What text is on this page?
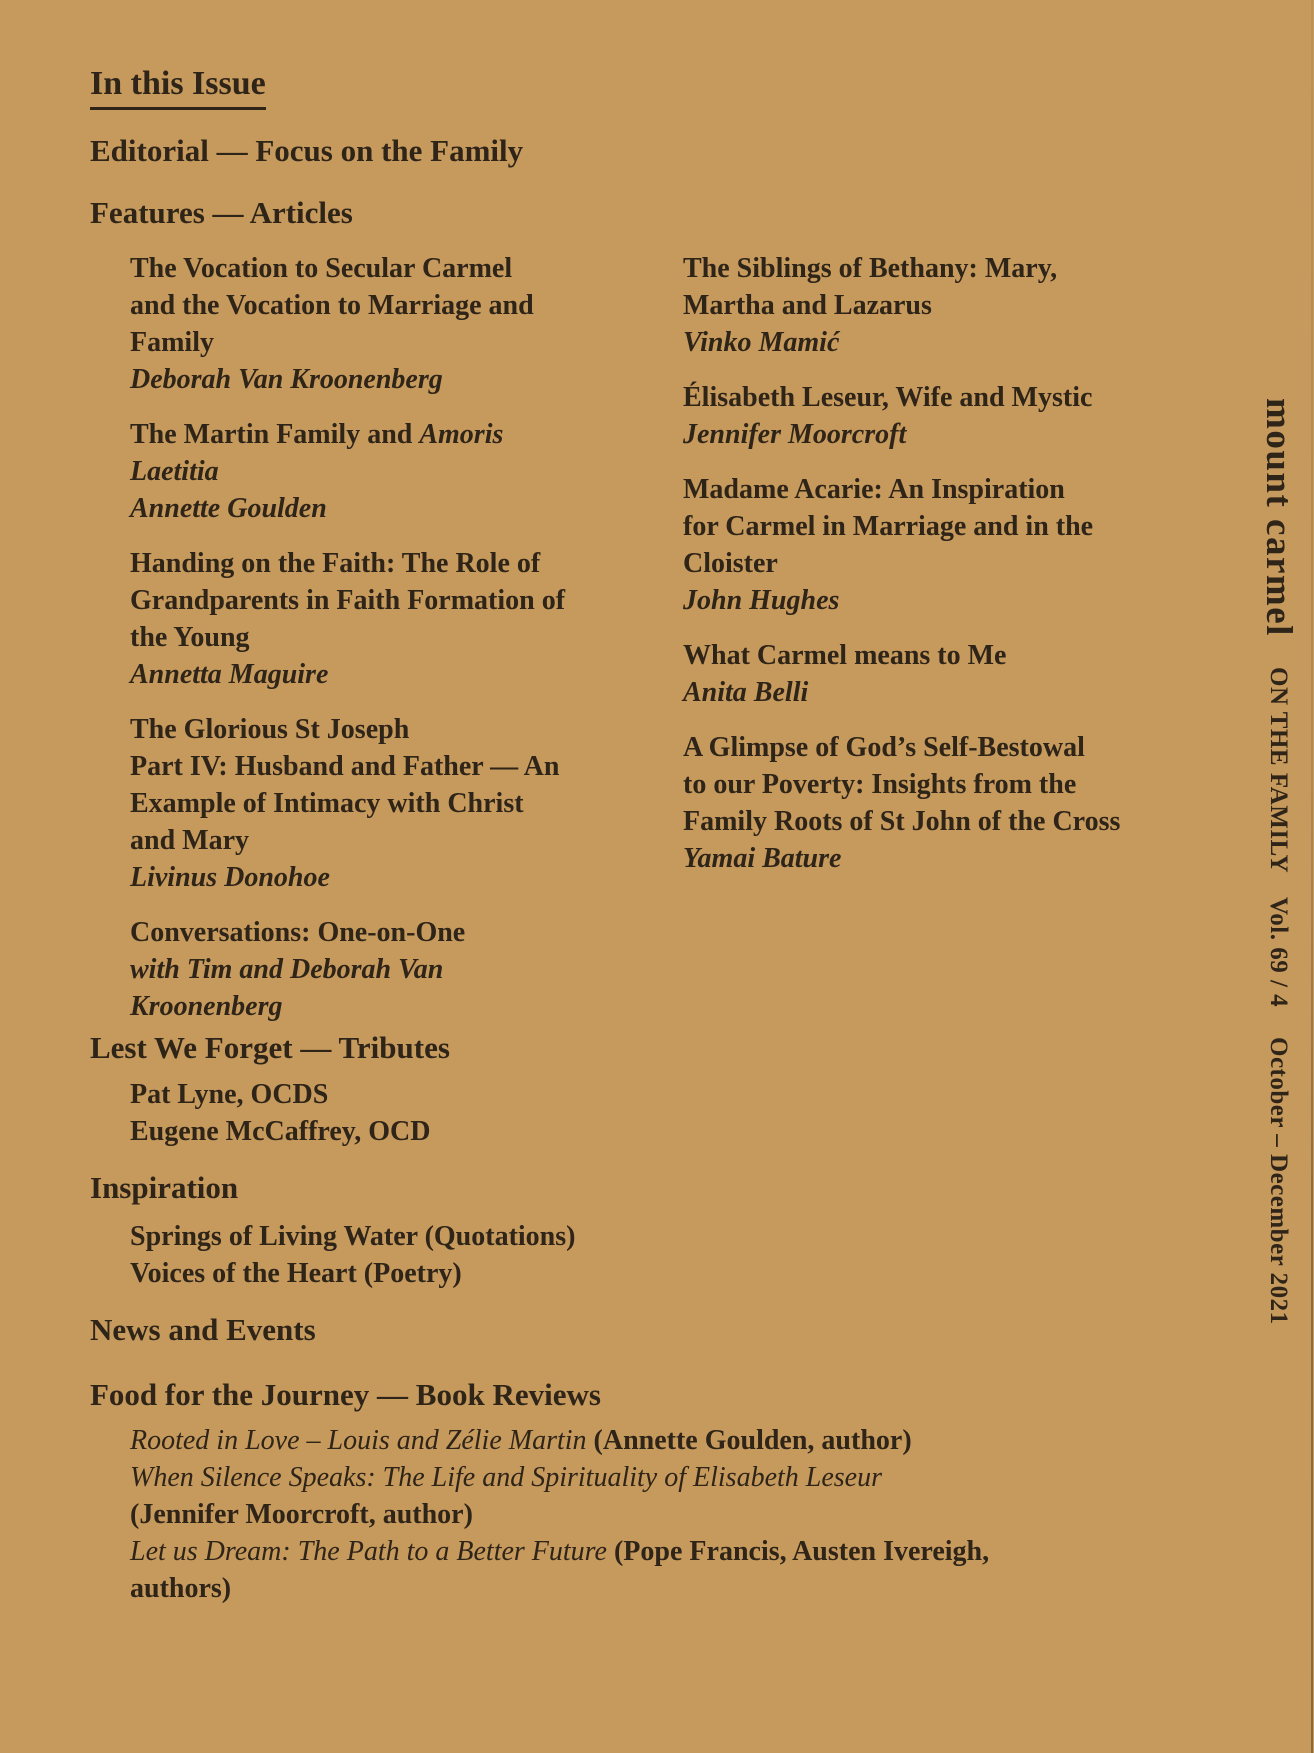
In this Issue
Editorial — Focus on the Family
Features — Articles
The Vocation to Secular Carmel
and the Vocation to Marriage and
Family
Deborah Van Kroonenberg
The Martin Family and Amoris
Laetitia
Annette Goulden
Handing on the Faith: The Role of
Grandparents in Faith Formation of
the Young
Annetta Maguire
The Glorious St Joseph
Part IV: Husband and Father — An
Example of Intimacy with Christ
and Mary
Livinus Donohoe
Conversations: One-on-One
with Tim and Deborah Van
Kroonenberg
The Siblings of Bethany: Mary,
Martha and Lazarus
Vinko Mamić
Élisabeth Leseur, Wife and Mystic
Jennifer Moorcroft
Madame Acarie: An Inspiration
for Carmel in Marriage and in the
Cloister
John Hughes
What Carmel means to Me
Anita Belli
A Glimpse of God’s Self-Bestowal
to our Poverty: Insights from the
Family Roots of St John of the Cross
Yamai Bature
Lest We Forget — Tributes
Pat Lyne, OCDS
Eugene McCaffrey, OCD
Inspiration
Springs of Living Water (Quotations)
Voices of the Heart (Poetry)
News and Events
Food for the Journey — Book Reviews
Rooted in Love – Louis and Zélie Martin (Annette Goulden, author)
When Silence Speaks: The Life and Spirituality of Elisabeth Leseur
(Jennifer Moorcroft, author)
Let us Dream: The Path to a Better Future (Pope Francis, Austen Ivereigh,
authors)
mount carmelON THE FAMILYVol. 69 / 4October – December 2021
